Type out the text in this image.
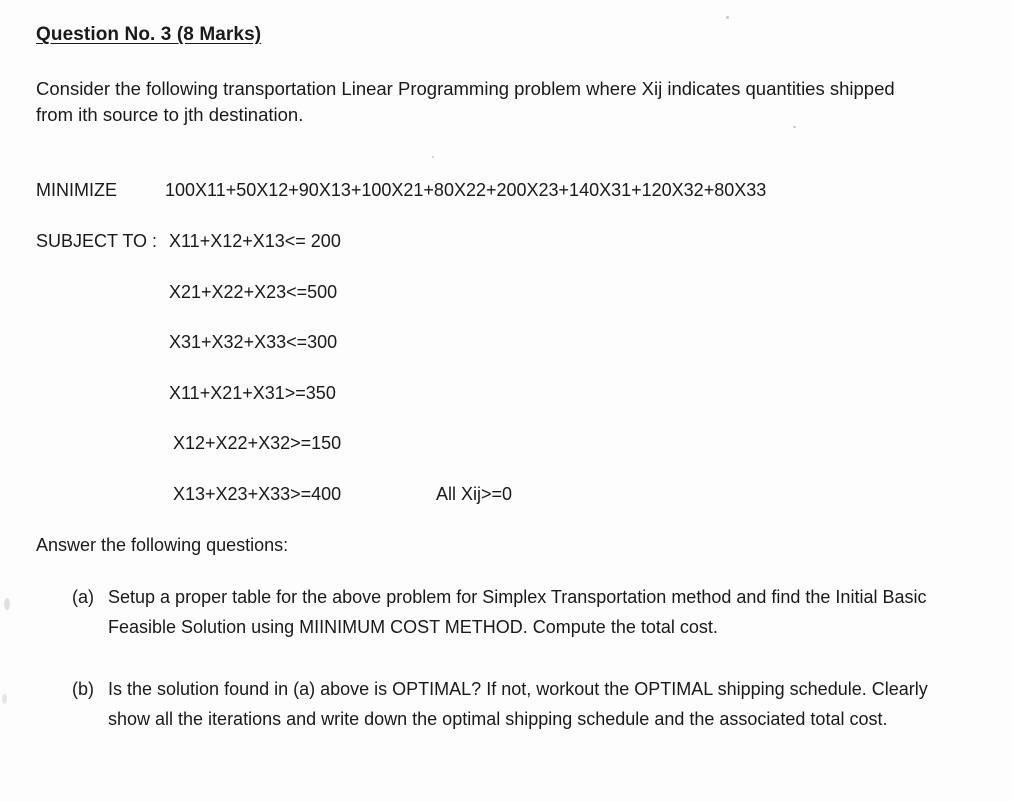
Question No. 3 (8 Marks)
Consider the following transportation Linear Programming problem where Xij indicates quantities shipped from ith source to jth destination.
MINIMIZE	100X11+50X12+90X13+100X21+80X22+200X23+140X31+120X32+80X33
SUBJECT TO : X11+X12+X13<= 200
X21+X22+X23<=500
X31+X32+X33<=300
X11+X21+X31>=350
X12+X22+X32>=150
X13+X23+X33>=400	All Xij>=0
Answer the following questions:
(a) Setup a proper table for the above problem for Simplex Transportation method and find the Initial Basic Feasible Solution using MIINIMUM COST METHOD. Compute the total cost.
(b) Is the solution found in (a) above is OPTIMAL? If not, workout the OPTIMAL shipping schedule. Clearly show all the iterations and write down the optimal shipping schedule and the associated total cost.
